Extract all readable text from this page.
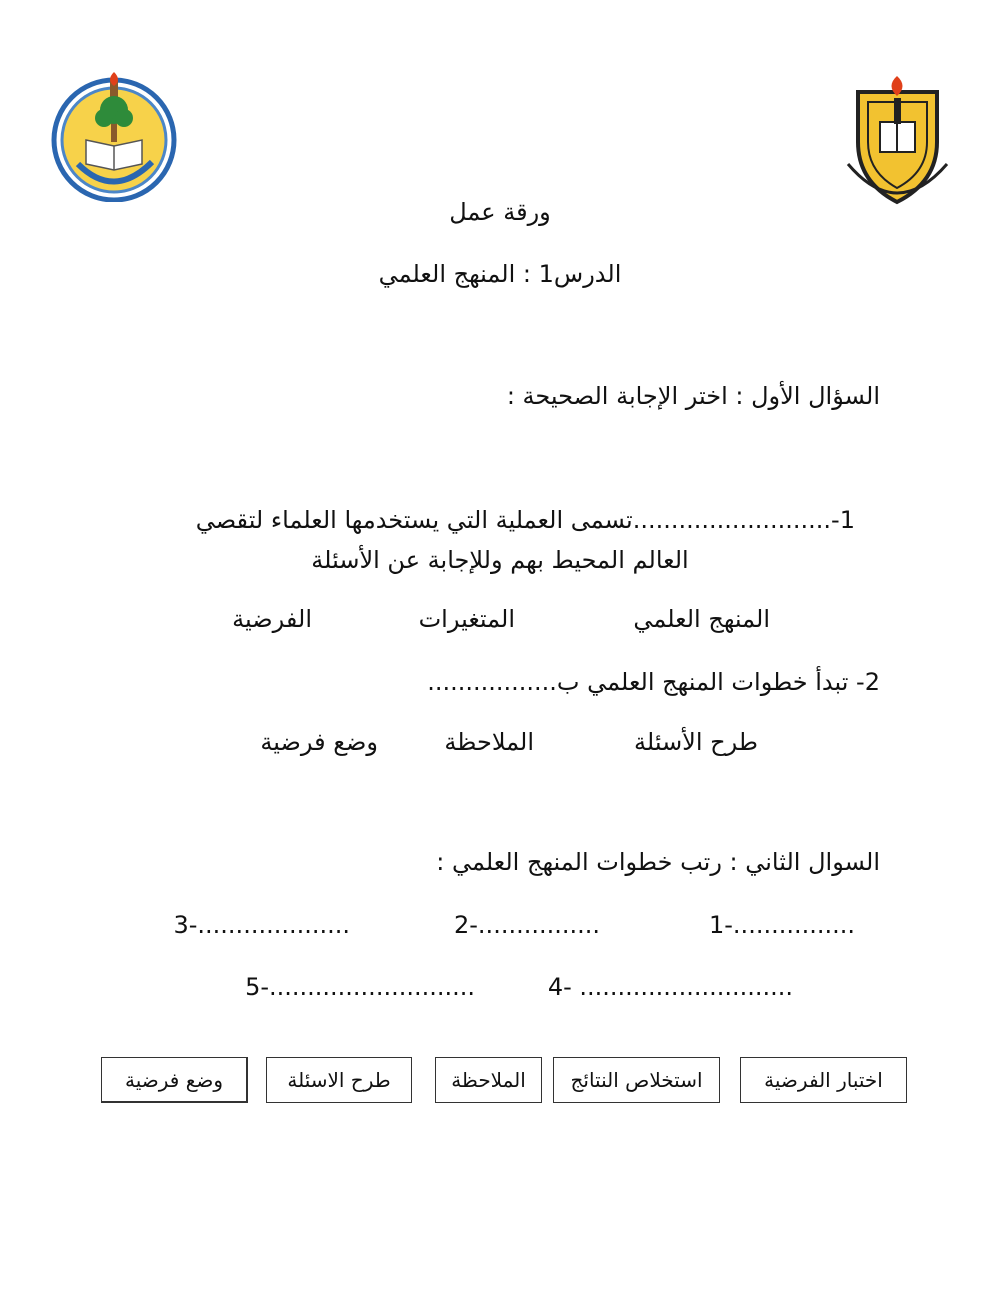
ورقة عمل
الدرس1 : المنهج العلمي
السؤال الأول : اختر الإجابة الصحيحة :
1-..........................تسمى العملية التي يستخدمها العلماء لتقصي
العالم المحيط بهم وللإجابة عن الأسئلة
المنهج العلمي
المتغيرات
الفرضية
2- تبدأ خطوات المنهج العلمي ب.................
طرح الأسئلة
الملاحظة
وضع فرضية
السوال الثاني : رتب خطوات المنهج العلمي :
1-................
2-................
3-....................
4- ............................
5-...........................
اختبار الفرضية
استخلاص النتائج
الملاحظة
طرح الاسئلة
وضع فرضية
